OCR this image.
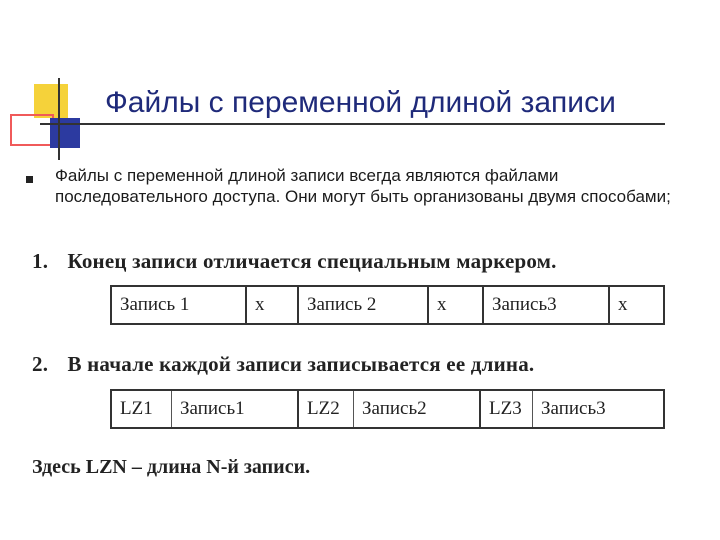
Файлы с переменной длиной записи
Файлы с переменной длиной записи всегда являются файлами последовательного доступа. Они могут быть организованы двумя способами;
1. Конец записи отличается специальным маркером.
Запись 1	x	Запись 2	x	Запись3	x
2. В начале каждой записи записывается ее длина.
LZ1	Запись1	LZ2	Запись2	LZ3	Запись3
Здесь LZN – длина N-й записи.
